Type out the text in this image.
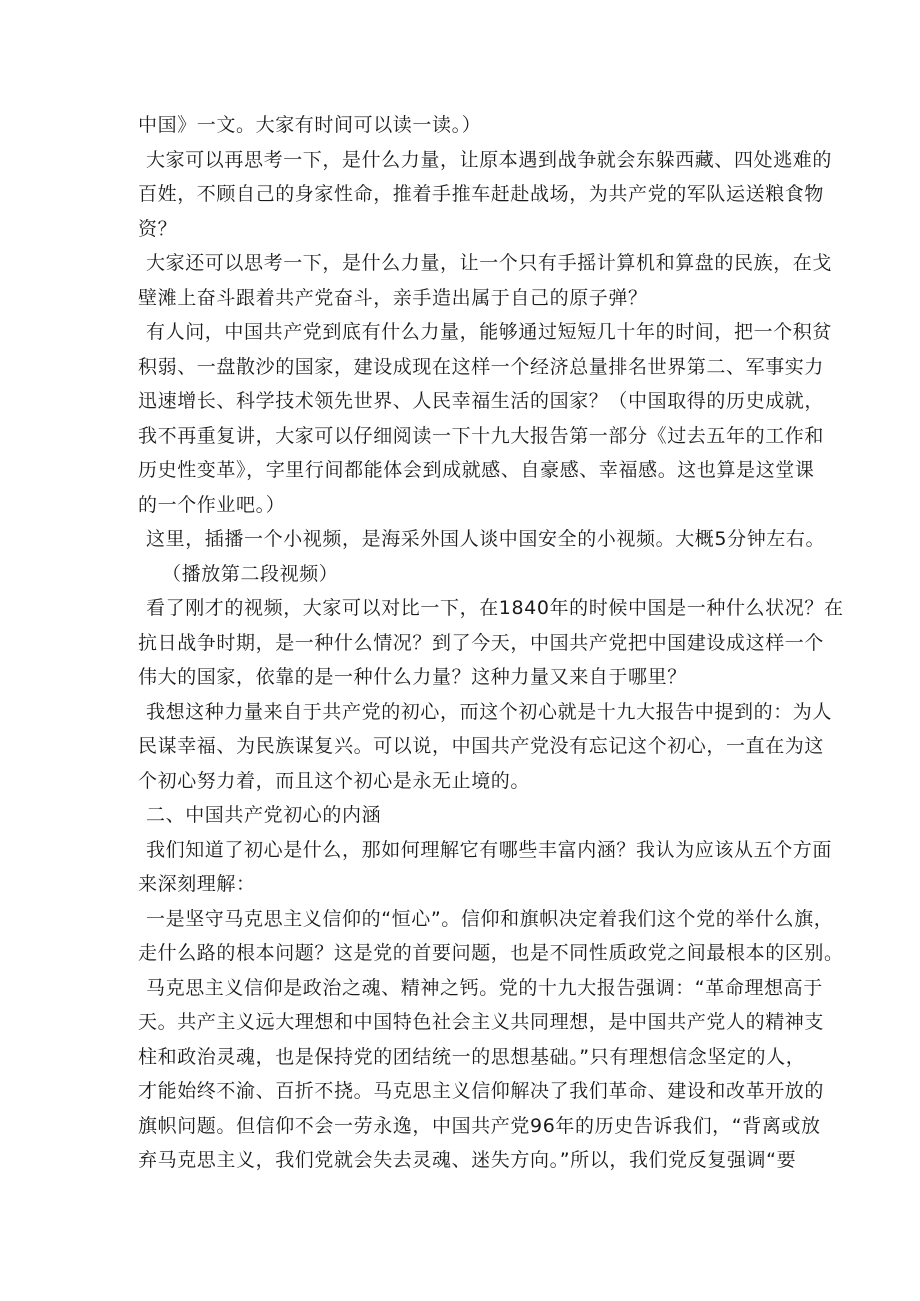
中国》一文。大家有时间可以读一读。）
大家可以再思考一下，是什么力量，让原本遇到战争就会东躲西藏、四处逃难的
百姓，不顾自己的身家性命，推着手推车赶赴战场，为共产党的军队运送粮食物
资？
大家还可以思考一下，是什么力量，让一个只有手摇计算机和算盘的民族，在戈
壁滩上奋斗跟着共产党奋斗，亲手造出属于自己的原子弹？
有人问，中国共产党到底有什么力量，能够通过短短几十年的时间，把一个积贫
积弱、一盘散沙的国家，建设成现在这样一个经济总量排名世界第二、军事实力
迅速增长、科学技术领先世界、人民幸福生活的国家？（中国取得的历史成就，
我不再重复讲，大家可以仔细阅读一下十九大报告第一部分《过去五年的工作和
历史性变革》，字里行间都能体会到成就感、自豪感、幸福感。这也算是这堂课
的一个作业吧。）
这里，插播一个小视频，是海采外国人谈中国安全的小视频。大概5分钟左右。
（播放第二段视频）
看了刚才的视频，大家可以对比一下，在1840年的时候中国是一种什么状况？在
抗日战争时期，是一种什么情况？到了今天，中国共产党把中国建设成这样一个
伟大的国家，依靠的是一种什么力量？这种力量又来自于哪里？
我想这种力量来自于共产党的初心，而这个初心就是十九大报告中提到的：为人
民谋幸福、为民族谋复兴。可以说，中国共产党没有忘记这个初心，一直在为这
个初心努力着，而且这个初心是永无止境的。
二、中国共产党初心的内涵
我们知道了初心是什么，那如何理解它有哪些丰富内涵？我认为应该从五个方面
来深刻理解：
一是坚守马克思主义信仰的“恒心”。信仰和旗帜决定着我们这个党的举什么旗，
走什么路的根本问题？这是党的首要问题，也是不同性质政党之间最根本的区别。
马克思主义信仰是政治之魂、精神之钙。党的十九大报告强调：“革命理想高于
天。共产主义远大理想和中国特色社会主义共同理想，是中国共产党人的精神支
柱和政治灵魂，也是保持党的团结统一的思想基础。”只有理想信念坚定的人，
才能始终不渝、百折不挠。马克思主义信仰解决了我们革命、建设和改革开放的
旗帜问题。但信仰不会一劳永逸，中国共产党96年的历史告诉我们，“背离或放
弃马克思主义，我们党就会失去灵魂、迷失方向。”所以，我们党反复强调“要
